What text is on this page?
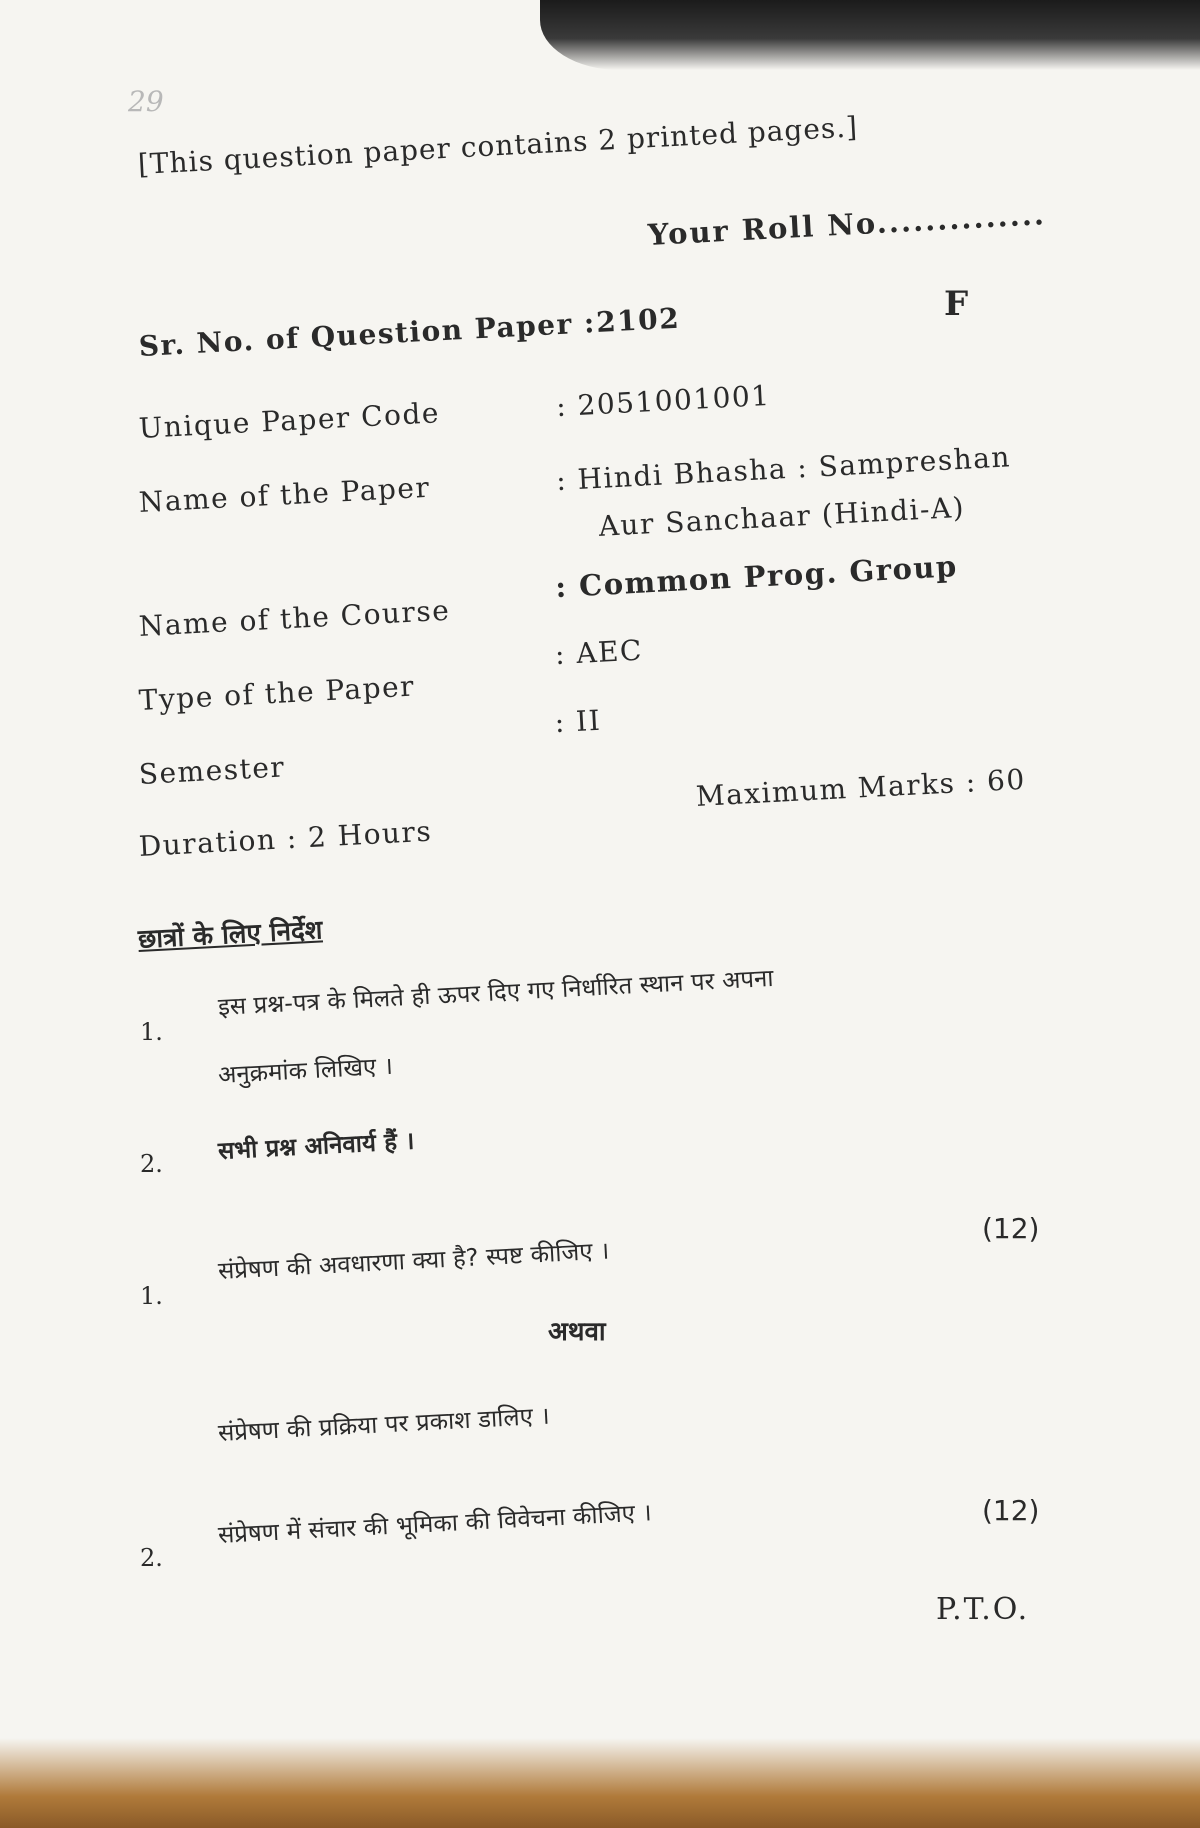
29
[This question paper contains 2 printed pages.]
Your Roll No..............
F
Sr. No. of Question Paper :
2102
Unique Paper Code	: 2051001001
Name of the Paper	: Hindi Bhasha : Sampreshan
Aur Sanchaar (Hindi-A)
Name of the Course
: Common Prog. Group
Type of the Paper
: AEC
Semester
: II
Maximum Marks : 60
Duration : 2 Hours
छात्रों के लिए निर्देश
1.
इस प्रश्न-पत्र के मिलते ही ऊपर दिए गए निर्धारित स्थान पर अपना
अनुक्रमांक लिखिए ।
2. सभी प्रश्न अनिवार्य हैं ।
1.
संप्रेषण की अवधारणा क्या है? स्पष्ट कीजिए ।
(12)
अथवा
संप्रेषण की प्रक्रिया पर प्रकाश डालिए ।
2.
संप्रेषण में संचार की भूमिका की विवेचना कीजिए ।	(12)
P.T.O.
